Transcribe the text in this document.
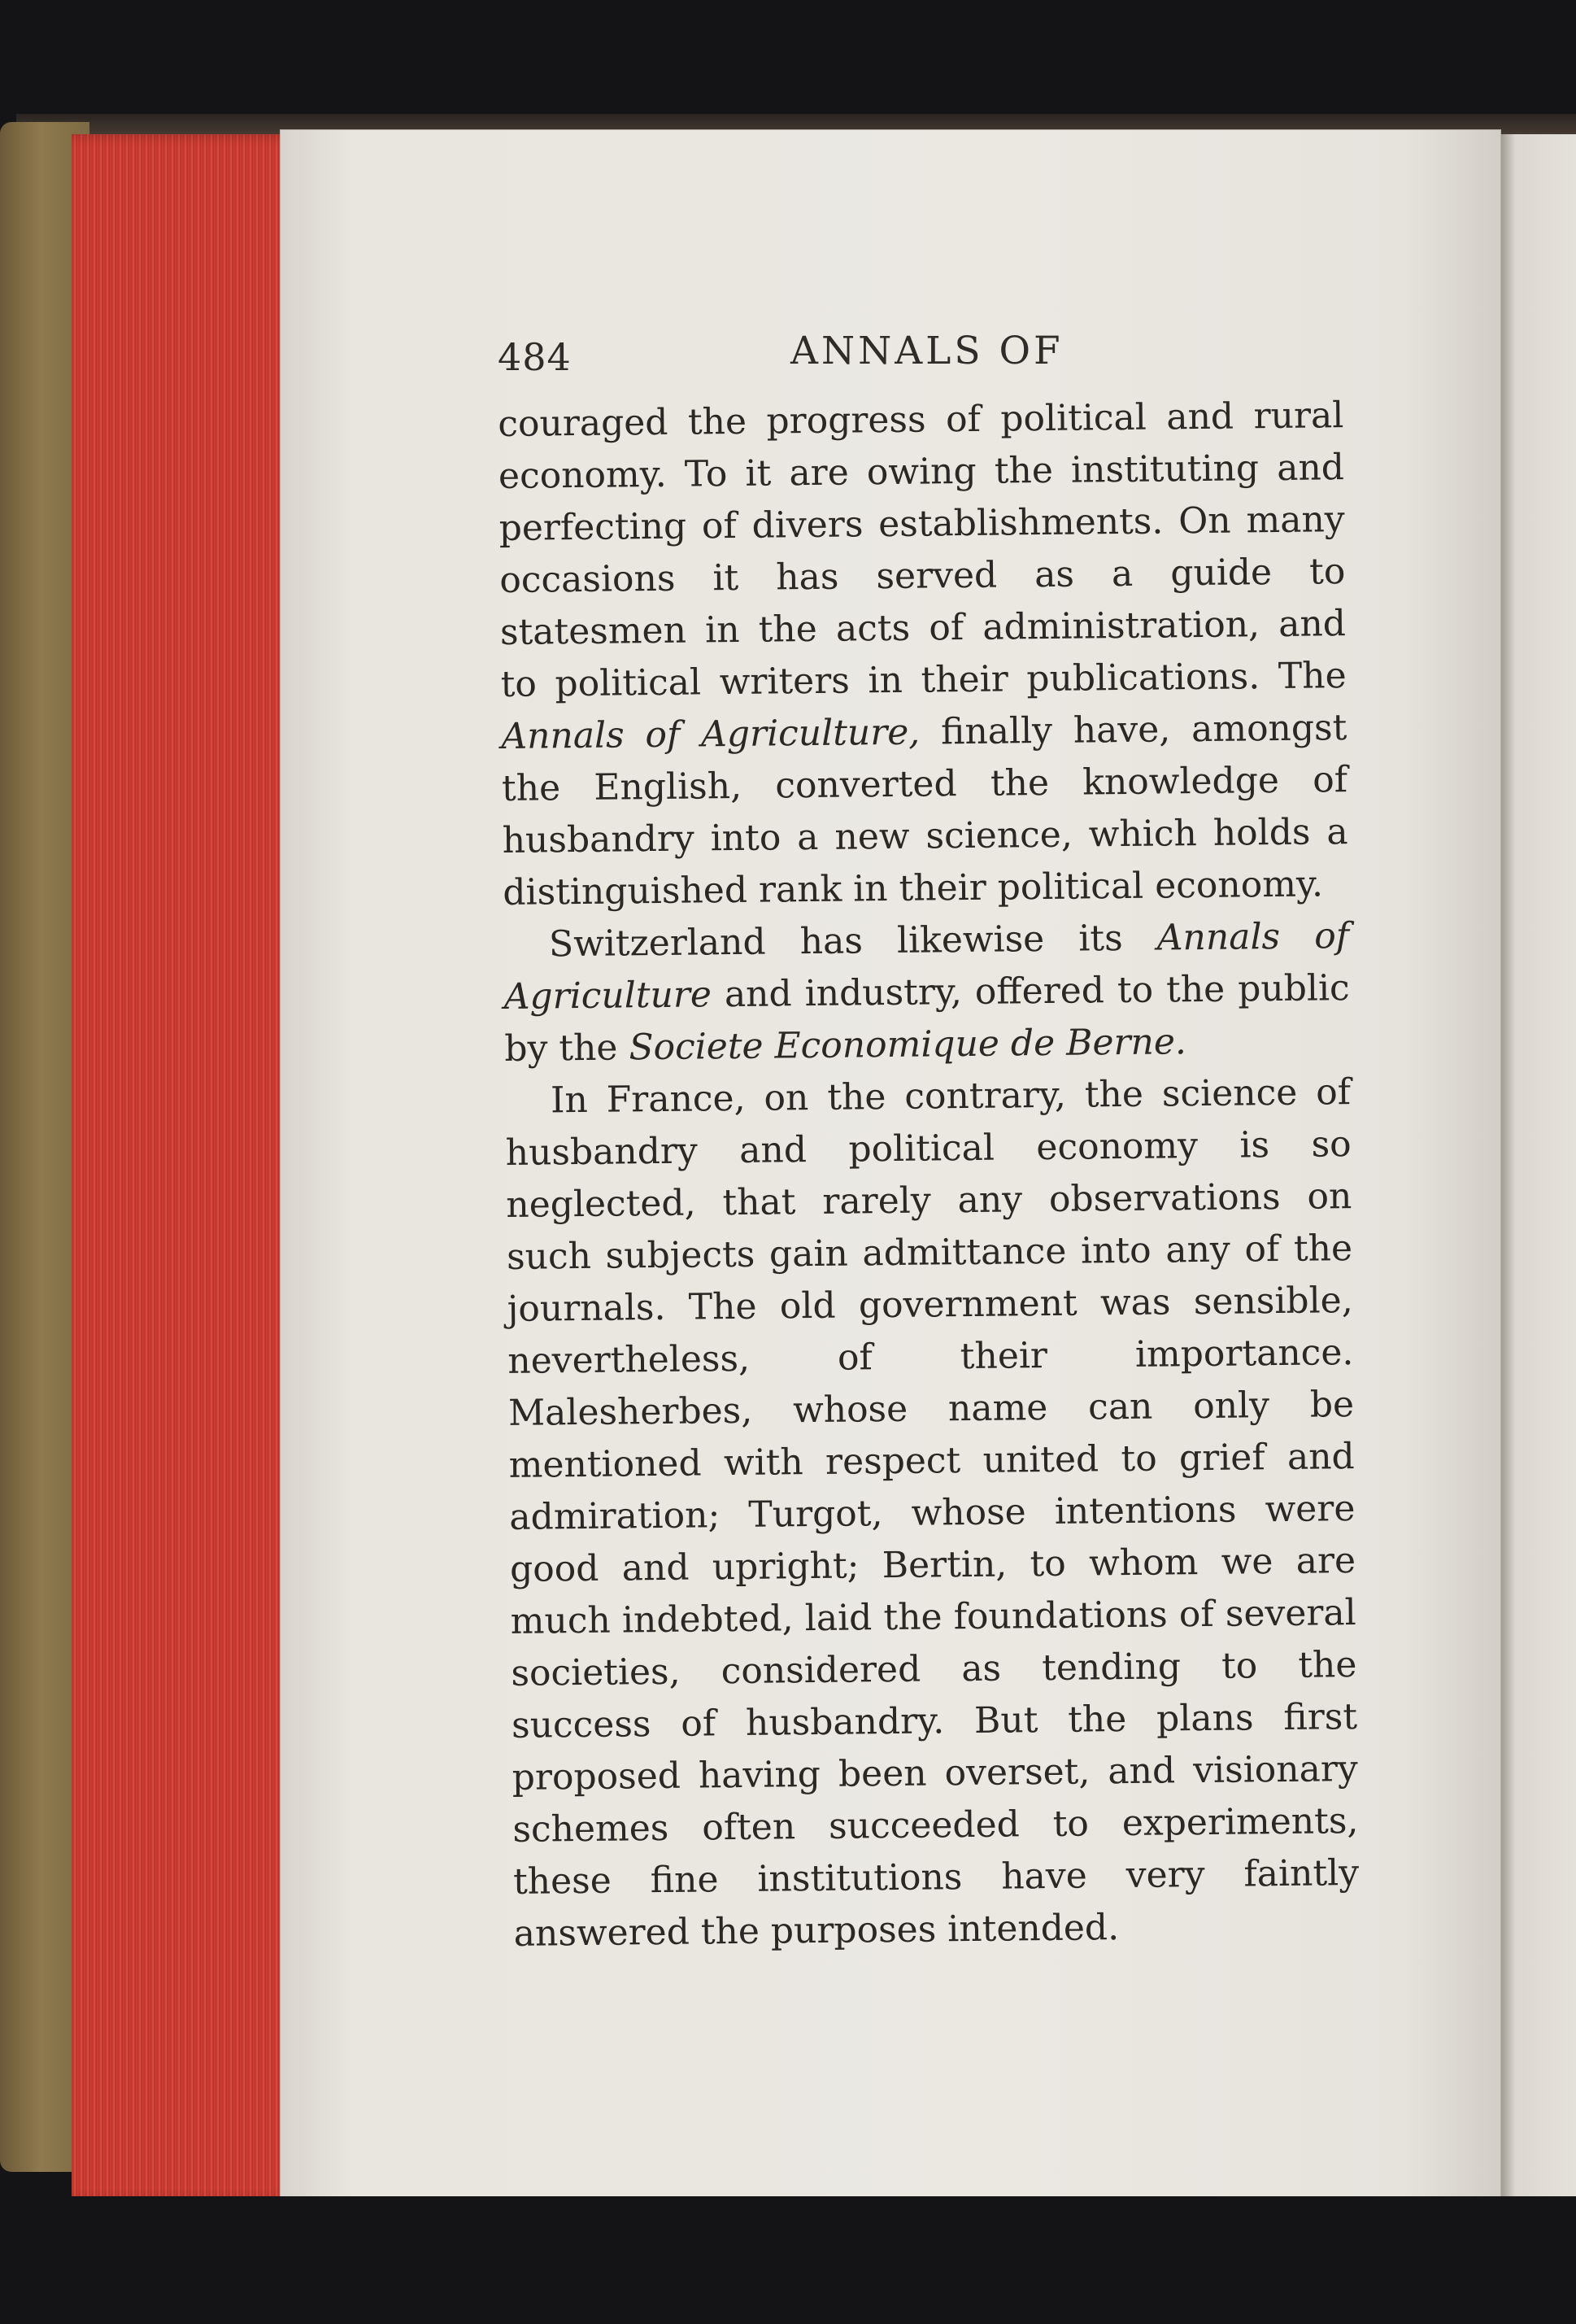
484	ANNALS OF

couraged the progress of political and rural economy. To it are owing the instituting and perfecting of divers establishments. On many occasions it has served as a guide to statesmen in the acts of administration, and to political writers in their publications. The Annals of Agriculture, finally have, amongst the English, converted the knowledge of husbandry into a new science, which holds a distinguished rank in their political economy.

Switzerland has likewise its Annals of Agriculture and industry, offered to the public by the Societe Economique de Berne.

In France, on the contrary, the science of husbandry and political economy is so neglected, that rarely any observations on such subjects gain admittance into any of the journals. The old government was sensible, nevertheless, of their importance. Malesherbes, whose name can only be mentioned with respect united to grief and admiration; Turgot, whose intentions were good and upright; Bertin, to whom we are much indebted, laid the foundations of several societies, considered as tending to the success of husbandry. But the plans first proposed having been overset, and visionary schemes often succeeded to experiments, these fine institutions have very faintly answered the purposes intended.
